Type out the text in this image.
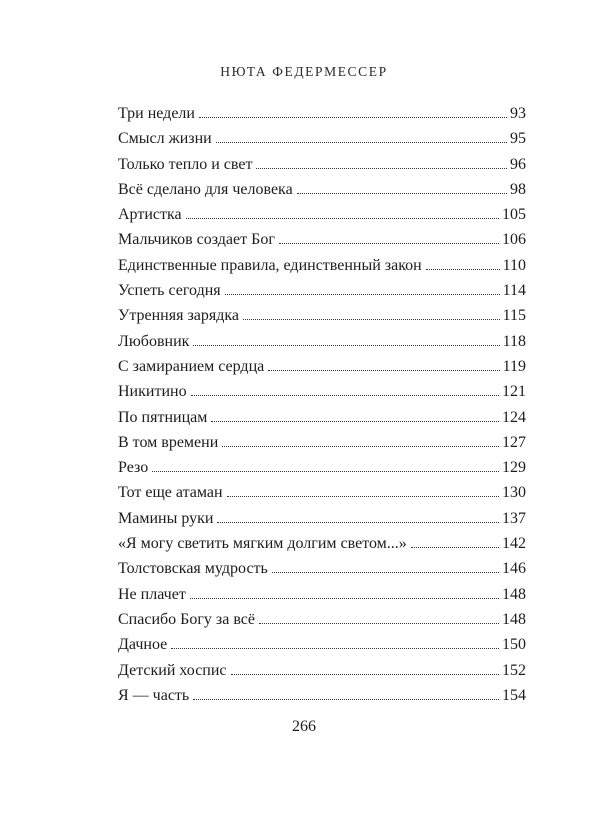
НЮТА ФЕДЕРМЕССЕР
Три недели	93
Смысл жизни	95
Только тепло и свет	96
Всё сделано для человека	98
Артистка	105
Мальчиков создает Бог	106
Единственные правила, единственный закон	110
Успеть сегодня	114
Утренняя зарядка	115
Любовник	118
С замиранием сердца	119
Никитино	121
По пятницам	124
В том времени	127
Резо	129
Тот еще атаман	130
Мамины руки	137
«Я могу светить мягким долгим светом...»	142
Толстовская мудрость	146
Не плачет	148
Спасибо Богу за всё	148
Дачное	150
Детский хоспис	152
Я — часть	154
266
